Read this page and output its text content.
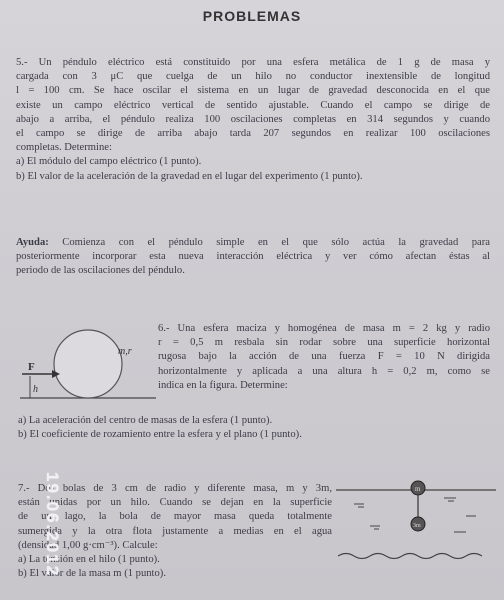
PROBLEMAS
5.- Un péndulo eléctrico está constituido por una esfera metálica de 1 g de masa y
cargada con 3 μC que cuelga de un hilo no conductor inextensible de longitud
l = 100 cm. Se hace oscilar el sistema en un lugar de gravedad desconocida en el que
existe un campo eléctrico vertical de sentido ajustable. Cuando el campo se dirige de
abajo a arriba, el péndulo realiza 100 oscilaciones completas en 314 segundos y cuando
el campo se dirige de arriba abajo tarda 207 segundos en realizar 100 oscilaciones
completas. Determine:
a) El módulo del campo eléctrico (1 punto).
b) El valor de la aceleración de la gravedad en el lugar del experimento (1 punto).
Ayuda: Comienza con el péndulo simple en el que sólo actúa la gravedad para
posteriormente incorporar esta nueva interacción eléctrica y ver cómo afectan éstas al
periodo de las oscilaciones del péndulo.
F
h
m,r
6.- Una esfera maciza y homogénea de masa m = 2 kg y radio
r = 0,5 m resbala sin rodar sobre una superficie horizontal
rugosa bajo la acción de una fuerza F = 10 N dirigida
horizontalmente y aplicada a una altura h = 0,2 m, como se
indica en la figura. Determine:
a) La aceleración del centro de masas de la esfera (1 punto).
b) El coeficiente de rozamiento entre la esfera y el plano (1 punto).
7.- Dos bolas de 3 cm de radio y diferente masa, m y 3m,
están unidas por un hilo. Cuando se dejan en la superficie
de un lago, la bola de mayor masa queda totalmente
sumergida y la otra flota justamente a medias en el agua
(densidad 1,00 g·cm⁻³). Calcule:
a) La tensión en el hilo (1 punto).
b) El valor de la masa m (1 punto).
m
3m
19.06.2012
